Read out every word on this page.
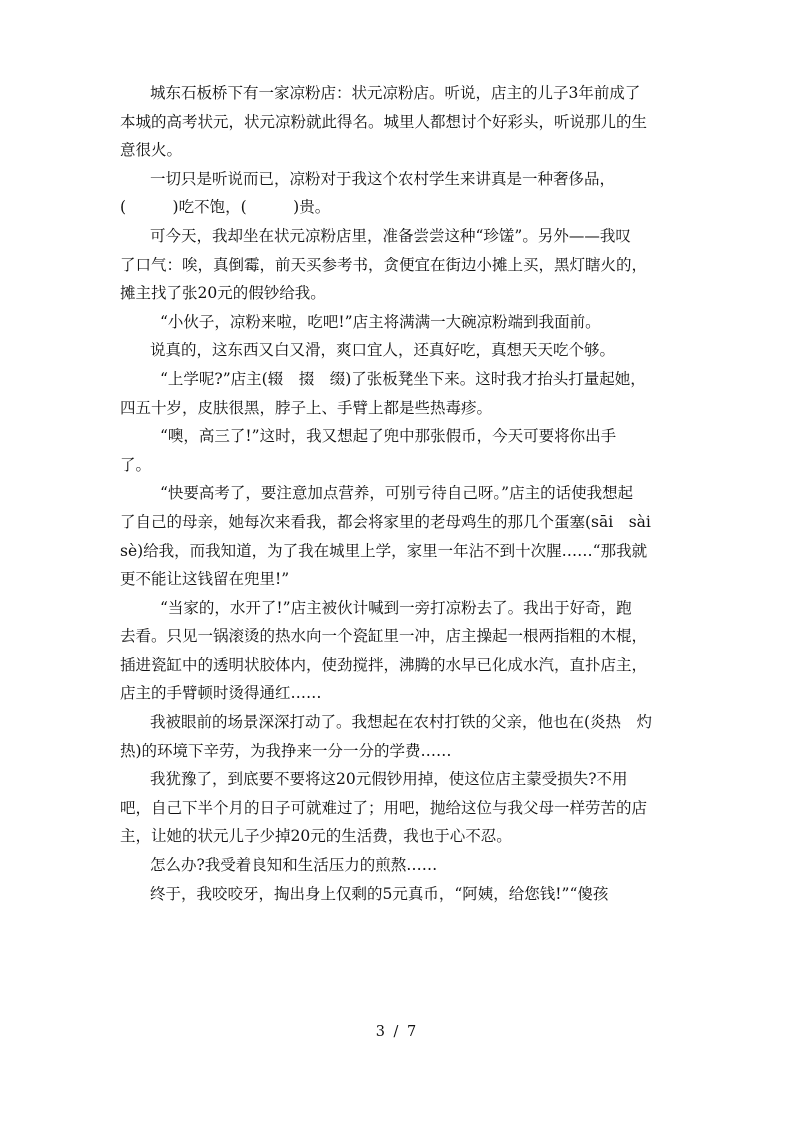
城东石板桥下有一家凉粉店：状元凉粉店。听说，店主的儿子3年前成了
本城的高考状元，状元凉粉就此得名。城里人都想讨个好彩头，听说那儿的生
意很火。
一切只是听说而已，凉粉对于我这个农村学生来讲真是一种奢侈品，
(　　　)吃不饱，(　　　)贵。
可今天，我却坐在状元凉粉店里，准备尝尝这种“珍馐”。另外——我叹
了口气：唉，真倒霉，前天买参考书，贪便宜在街边小摊上买，黑灯瞎火的，
摊主找了张20元的假钞给我。
“小伙子，凉粉来啦，吃吧!”店主将满满一大碗凉粉端到我面前。
说真的，这东西又白又滑，爽口宜人，还真好吃，真想天天吃个够。
“上学呢?”店主(辍　掇　缀)了张板凳坐下来。这时我才抬头打量起她，
四五十岁，皮肤很黑，脖子上、手臂上都是些热毒疹。
“噢，高三了!”这时，我又想起了兜中那张假币，今天可要将你出手
了。
“快要高考了，要注意加点营养，可别亏待自己呀。”店主的话使我想起
了自己的母亲，她每次来看我，都会将家里的老母鸡生的那几个蛋塞(sāi　sài
sè)给我，而我知道，为了我在城里上学，家里一年沾不到十次腥……“那我就
更不能让这钱留在兜里!”
“当家的，水开了!”店主被伙计喊到一旁打凉粉去了。我出于好奇，跑
去看。只见一锅滚烫的热水向一个瓷缸里一冲，店主操起一根两指粗的木棍，
插进瓷缸中的透明状胶体内，使劲搅拌，沸腾的水早已化成水汽，直扑店主，
店主的手臂顿时烫得通红……
我被眼前的场景深深打动了。我想起在农村打铁的父亲，他也在(炎热　灼
热)的环境下辛劳，为我挣来一分一分的学费……
我犹豫了，到底要不要将这20元假钞用掉，使这位店主蒙受损失?不用
吧，自己下半个月的日子可就难过了；用吧，抛给这位与我父母一样劳苦的店
主，让她的状元儿子少掉20元的生活费，我也于心不忍。
怎么办?我受着良知和生活压力的煎熬……
终于，我咬咬牙，掏出身上仅剩的5元真币，“阿姨，给您钱!”“傻孩
3 / 7
